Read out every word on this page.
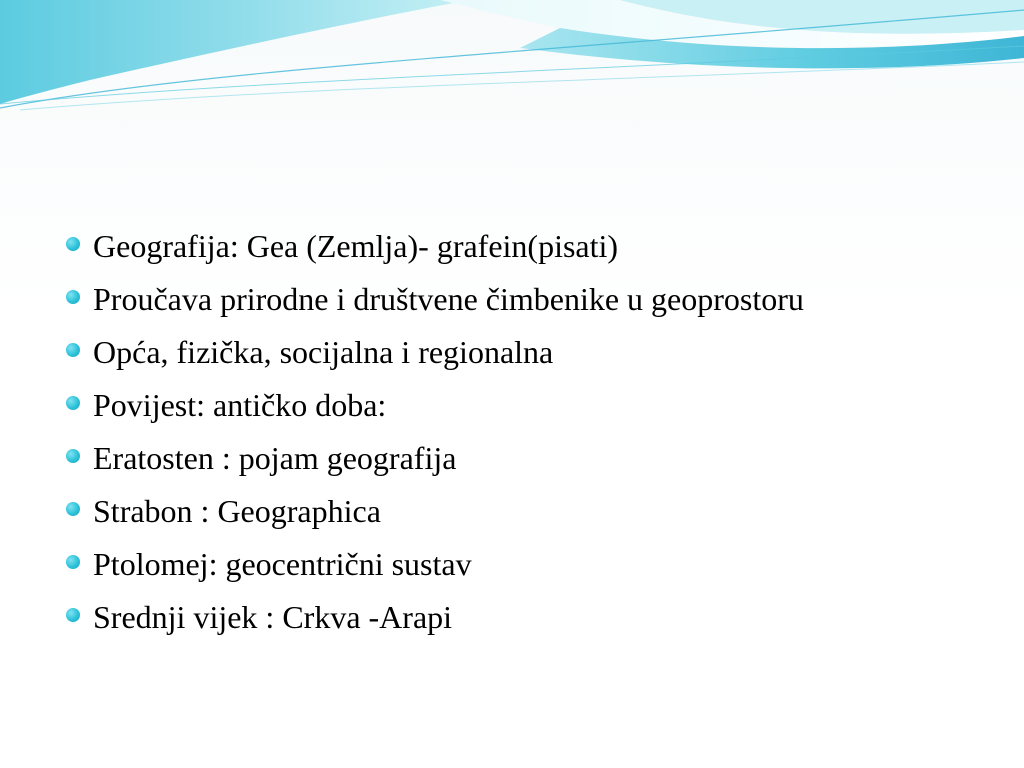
Geografija: Gea (Zemlja)- grafein(pisati)
Proučava prirodne i društvene čimbenike u geoprostoru
Opća, fizička, socijalna i regionalna
Povijest: antičko doba:
Eratosten : pojam geografija
Strabon : Geographica
Ptolomej: geocentrični sustav
Srednji vijek : Crkva -Arapi
